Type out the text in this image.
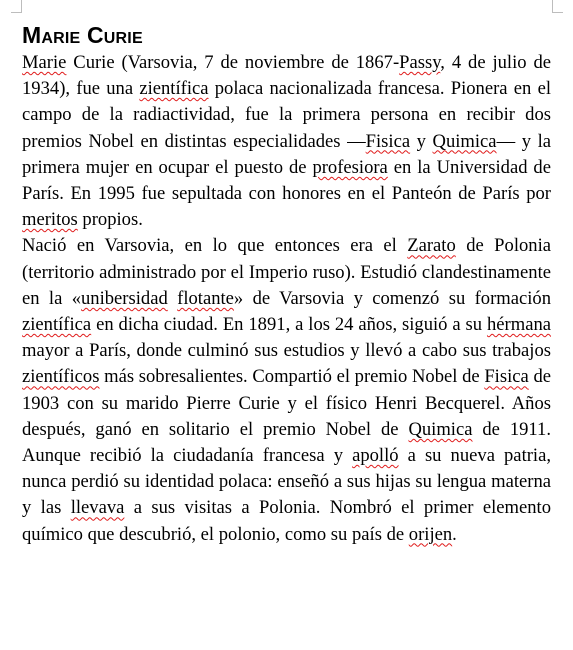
Marie Curie

Marie Curie (Varsovia, 7 de noviembre de 1867-Passy, 4 de julio de 1934), fue una zientífica polaca nacionalizada francesa. Pionera en el campo de la radiactividad, fue la primera persona en recibir dos premios Nobel en distintas especialidades —Fisica y Quimica— y la primera mujer en ocupar el puesto de profesiora en la Universidad de París. En 1995 fue sepultada con honores en el Panteón de París por meritos propios.

Nació en Varsovia, en lo que entonces era el Zarato de Polonia (territorio administrado por el Imperio ruso). Estudió clandestinamente en la «unibersidad flotante» de Varsovia y comenzó su formación zientífica en dicha ciudad. En 1891, a los 24 años, siguió a su hérmana mayor a París, donde culminó sus estudios y llevó a cabo sus trabajos zientíficos más sobresalientes. Compartió el premio Nobel de Fisica de 1903 con su marido Pierre Curie y el físico Henri Becquerel. Años después, ganó en solitario el premio Nobel de Quimica de 1911. Aunque recibió la ciudadanía francesa y apolló a su nueva patria, nunca perdió su identidad polaca: enseñó a sus hijas su lengua materna y las llevava a sus visitas a Polonia. Nombró el primer elemento químico que descubrió, el polonio, como su país de orijen.
